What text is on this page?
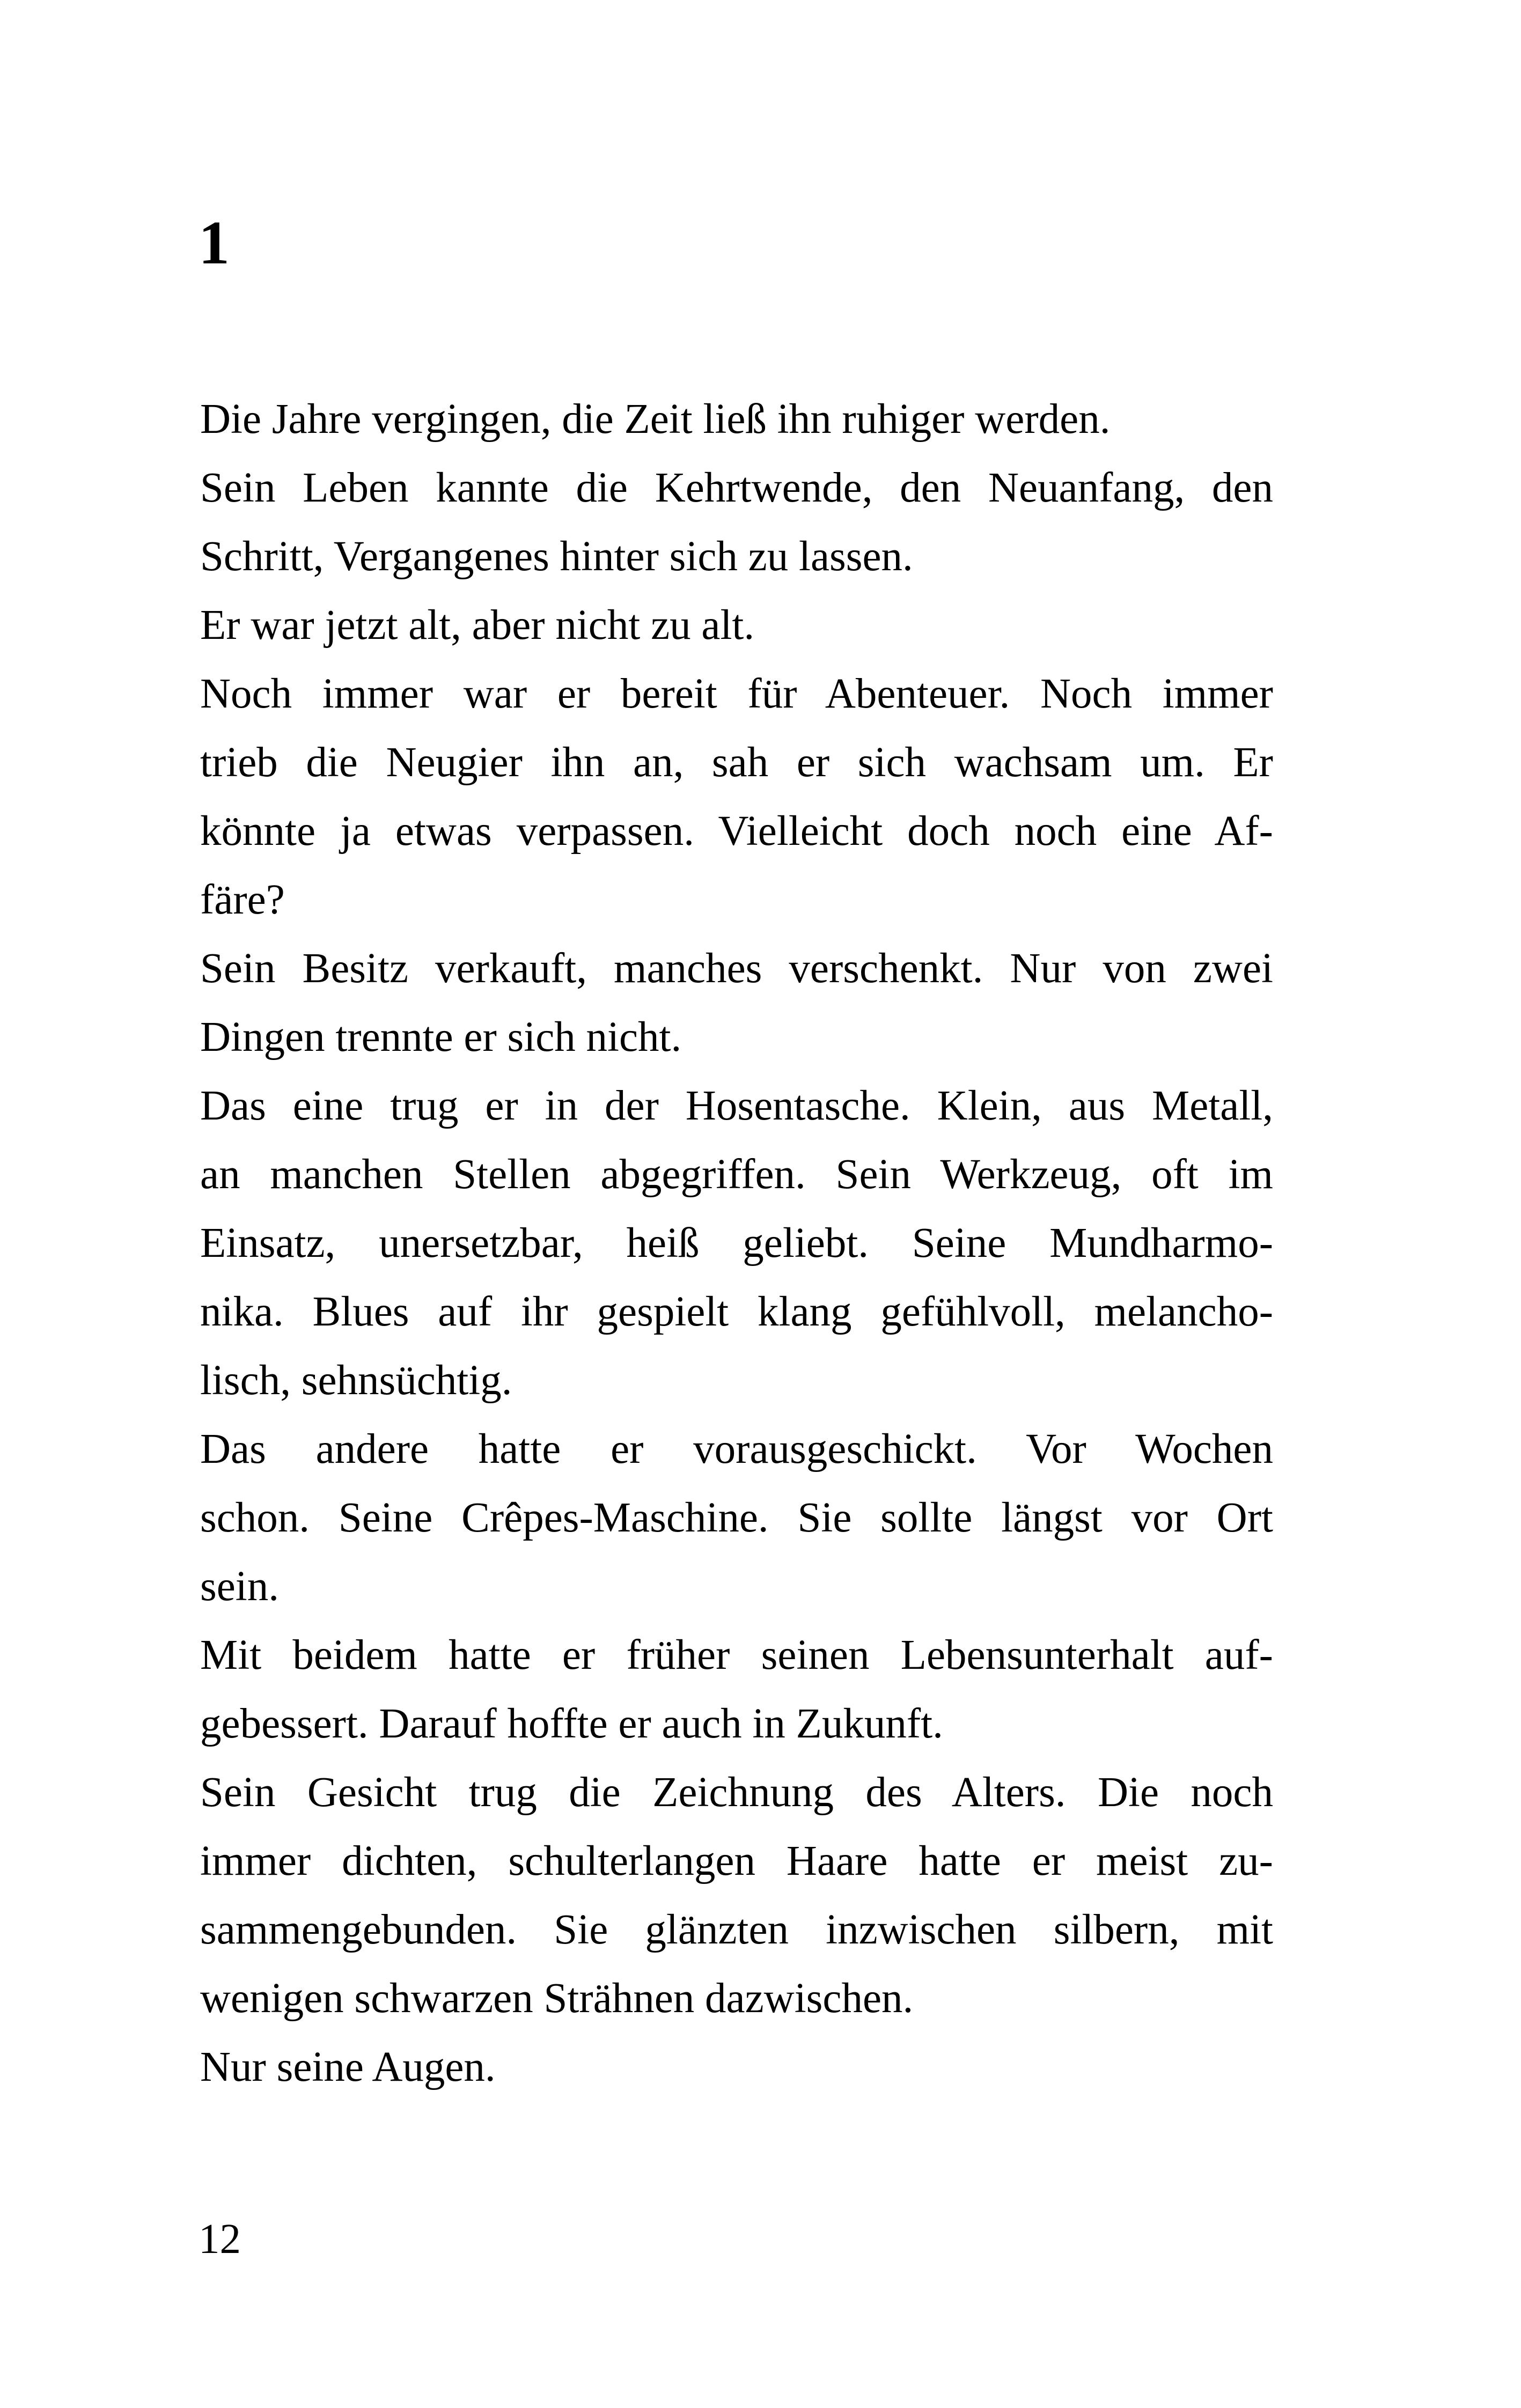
1
Die Jahre vergingen, die Zeit ließ ihn ruhiger werden.
Sein Leben kannte die Kehrtwende, den Neuanfang, den
Schritt, Vergangenes hinter sich zu lassen.
Er war jetzt alt, aber nicht zu alt.
Noch immer war er bereit für Abenteuer. Noch immer
trieb die Neugier ihn an, sah er sich wachsam um. Er
könnte ja etwas verpassen. Vielleicht doch noch eine Af-
färe?
Sein Besitz verkauft, manches verschenkt. Nur von zwei
Dingen trennte er sich nicht.
Das eine trug er in der Hosentasche. Klein, aus Metall,
an manchen Stellen abgegriffen. Sein Werkzeug, oft im
Einsatz, unersetzbar, heiß geliebt. Seine Mundharmo-
nika. Blues auf ihr gespielt klang gefühlvoll, melancho-
lisch, sehnsüchtig.
Das andere hatte er vorausgeschickt. Vor Wochen
schon. Seine Crêpes-Maschine. Sie sollte längst vor Ort
sein.
Mit beidem hatte er früher seinen Lebensunterhalt auf-
gebessert. Darauf hoffte er auch in Zukunft.
Sein Gesicht trug die Zeichnung des Alters. Die noch
immer dichten, schulterlangen Haare hatte er meist zu-
sammengebunden. Sie glänzten inzwischen silbern, mit
wenigen schwarzen Strähnen dazwischen.
Nur seine Augen.
12
